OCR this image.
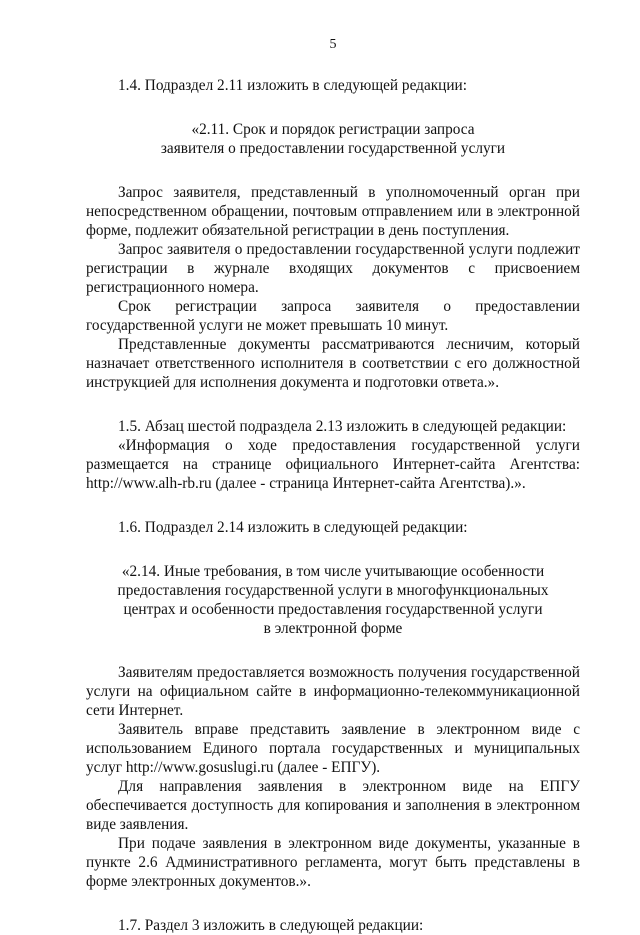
5

1.4. Подраздел 2.11 изложить в следующей редакции:

«2.11. Срок и порядок регистрации запроса
заявителя о предоставлении государственной услуги

Запрос заявителя, представленный в уполномоченный орган при непосредственном обращении, почтовым отправлением или в электронной форме, подлежит обязательной регистрации в день поступления.

Запрос заявителя о предоставлении государственной услуги подлежит регистрации в журнале входящих документов с присвоением регистрационного номера.

Срок регистрации запроса заявителя о предоставлении государственной услуги не может превышать 10 минут.

Представленные документы рассматриваются лесничим, который назначает ответственного исполнителя в соответствии с его должностной инструкцией для исполнения документа и подготовки ответа.».

1.5. Абзац шестой подраздела 2.13 изложить в следующей редакции:

«Информация о ходе предоставления государственной услуги размещается на странице официального Интернет-сайта Агентства: http://www.alh-rb.ru (далее - страница Интернет-сайта Агентства).».

1.6. Подраздел 2.14 изложить в следующей редакции:

«2.14. Иные требования, в том числе учитывающие особенности
предоставления государственной услуги в многофункциональных
центрах и особенности предоставления государственной услуги
в электронной форме

Заявителям предоставляется возможность получения государственной услуги на официальном сайте в информационно-телекоммуникационной сети Интернет.

Заявитель вправе представить заявление в электронном виде с использованием Единого портала государственных и муниципальных услуг http://www.gosuslugi.ru (далее - ЕПГУ).

Для направления заявления в электронном виде на ЕПГУ обеспечивается доступность для копирования и заполнения в электронном виде заявления.

При подаче заявления в электронном виде документы, указанные в пункте 2.6 Административного регламента, могут быть представлены в форме электронных документов.».

1.7. Раздел 3 изложить в следующей редакции:
